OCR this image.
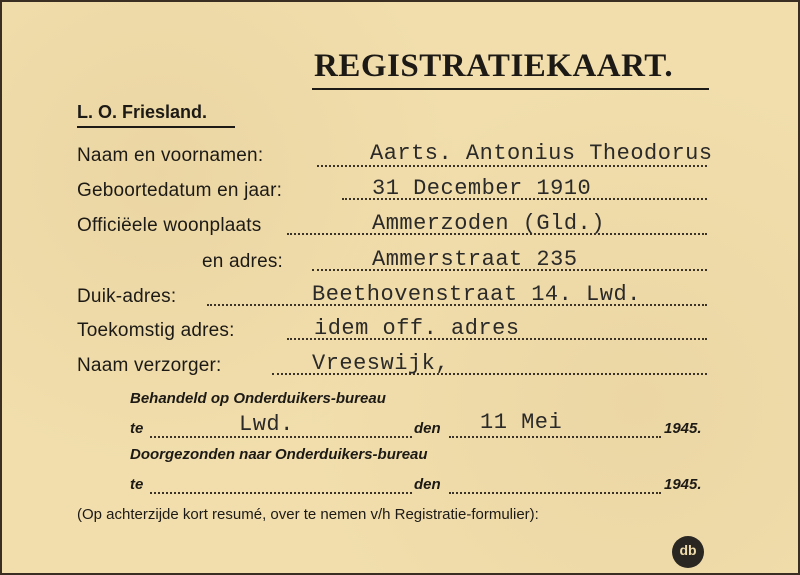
REGISTRATIEKAART.
L. O. Friesland.
Naam en voornamen:	Aarts. Antonius Theodorus
Geboortedatum en jaar:	31 December 1910
Officiëele woonplaats	Ammerzoden (Gld.)
en adres:	Ammerstraat 235
Duik-adres:	Beethovenstraat 14. Lwd.
Toekomstig adres:	idem off. adres
Naam verzorger:	Vreeswijk,
Behandeld op Onderduikers-bureau
te	Lwd.	den 11 Mei	1945.
Doorgezonden naar Onderduikers-bureau
te	den	1945.
(Op achterzijde kort resumé, over te nemen v/h Registratie-formulier):
db
